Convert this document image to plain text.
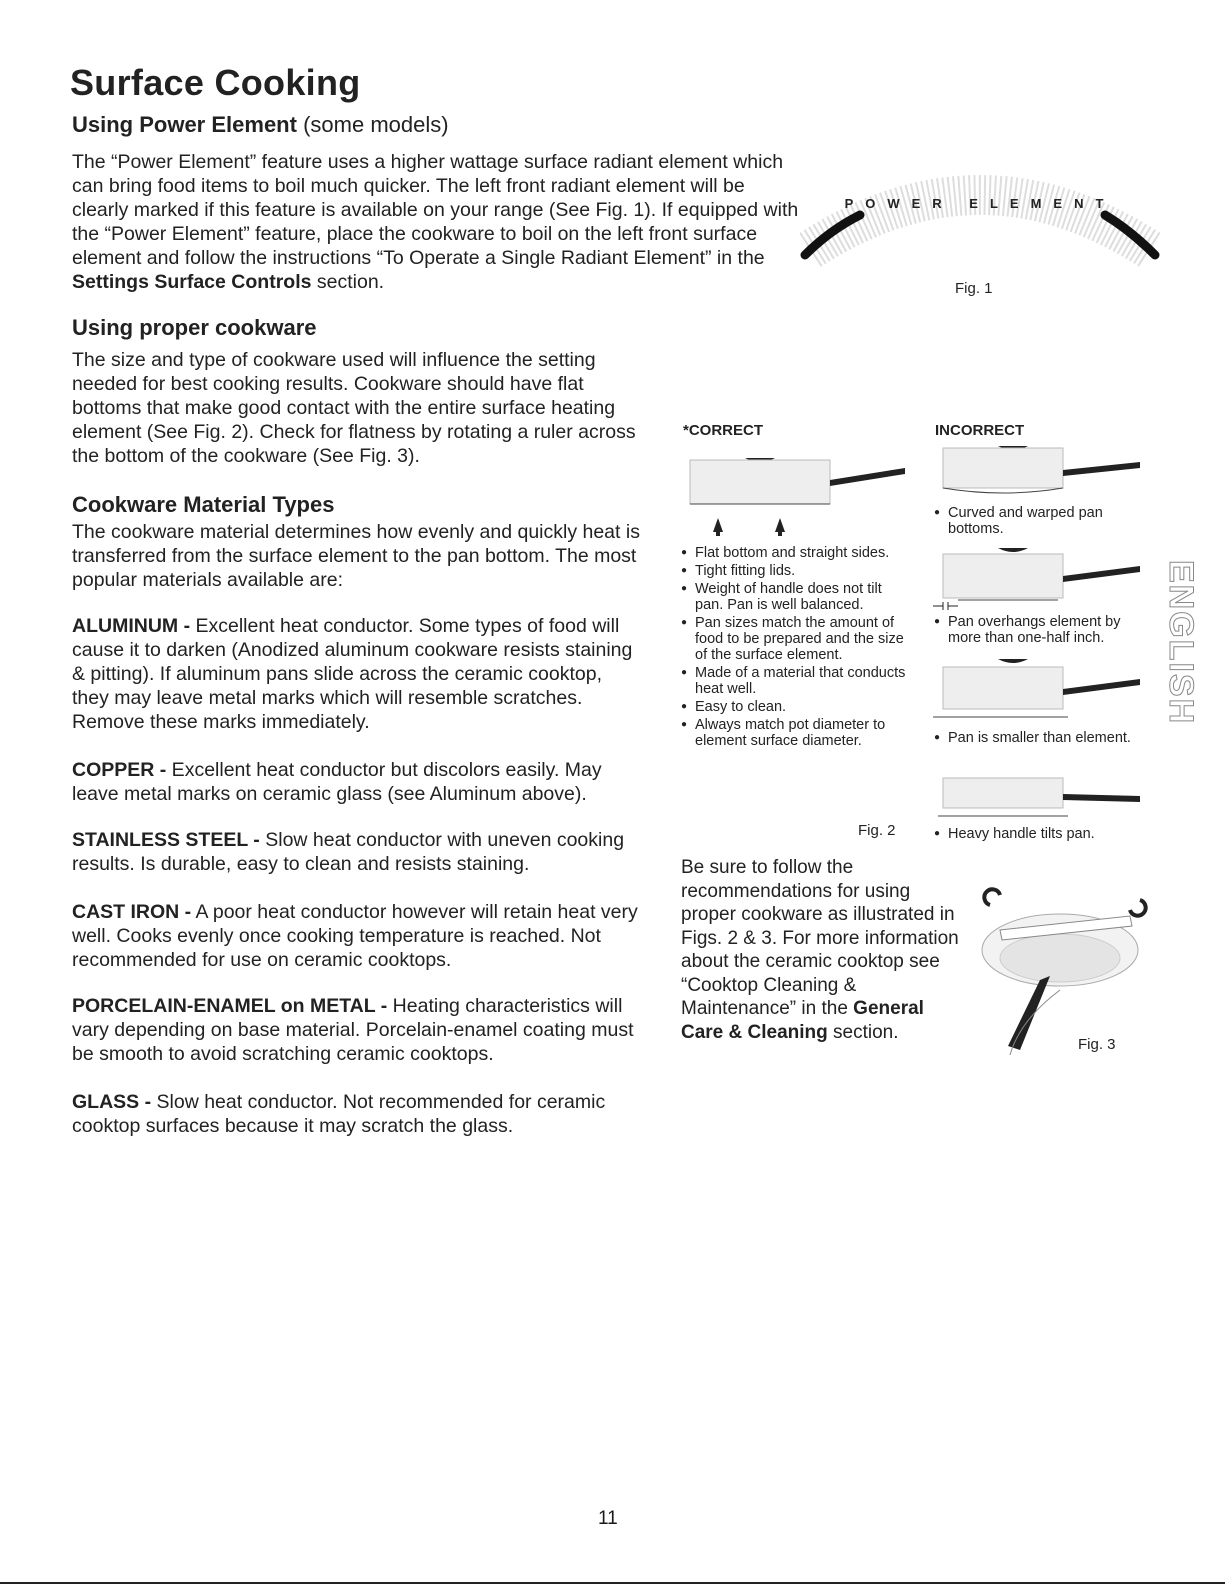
Surface Cooking
Using Power Element (some models)
The “Power Element” feature uses a higher wattage surface radiant element which
can bring food items to boil much quicker. The left front radiant element will be
clearly marked if this feature is available on your range (See Fig. 1). If equipped with
the “Power Element” feature, place the cookware to boil on the left front surface
element and follow the instructions “To Operate a Single Radiant Element” in the
Settings Surface Controls section.
POWER ELEMENT
Fig. 1
Using proper cookware
The size and type of cookware used will influence the setting
needed for best cooking results. Cookware should have flat
bottoms that make good contact with the entire surface heating
element (See Fig. 2). Check for flatness by rotating a ruler across
the bottom of the cookware (See Fig. 3).
Cookware Material Types
The cookware material determines how evenly and quickly heat is
transferred from the surface element to the pan bottom. The most
popular materials available are:
ALUMINUM - Excellent heat conductor. Some types of food will
cause it to darken (Anodized aluminum cookware resists staining
& pitting). If aluminum pans slide across the ceramic cooktop,
they may leave metal marks which will resemble scratches.
Remove these marks immediately.
COPPER - Excellent heat conductor but discolors easily. May
leave metal marks on ceramic glass (see Aluminum above).
STAINLESS STEEL - Slow heat conductor with uneven cooking
results. Is durable, easy to clean and resists staining.
CAST IRON - A poor heat conductor however will retain heat very
well. Cooks evenly once cooking temperature is reached. Not
recommended for use on ceramic cooktops.
PORCELAIN-ENAMEL on METAL - Heating characteristics will
vary depending on base material. Porcelain-enamel coating must
be smooth to avoid scratching ceramic cooktops.
GLASS - Slow heat conductor. Not recommended for ceramic
cooktop surfaces because it may scratch the glass.
*CORRECT
● Flat bottom and straight sides.
● Tight fitting lids.
● Weight of handle does not tilt pan. Pan is well balanced.
● Pan sizes match the amount of food to be prepared and the size of the surface element.
● Made of a material that conducts heat well.
● Easy to clean.
● Always match pot diameter to element surface diameter.
Fig. 2
INCORRECT
● Curved and warped pan bottoms.
● Pan overhangs element by more than one-half inch.
● Pan is smaller than element.
● Heavy handle tilts pan.
Be sure to follow the
recommendations for using
proper cookware as illustrated in
Figs. 2 & 3. For more information
about the ceramic cooktop see
“Cooktop Cleaning &
Maintenance” in the General
Care & Cleaning section.
Fig. 3
ENGLISH
11
